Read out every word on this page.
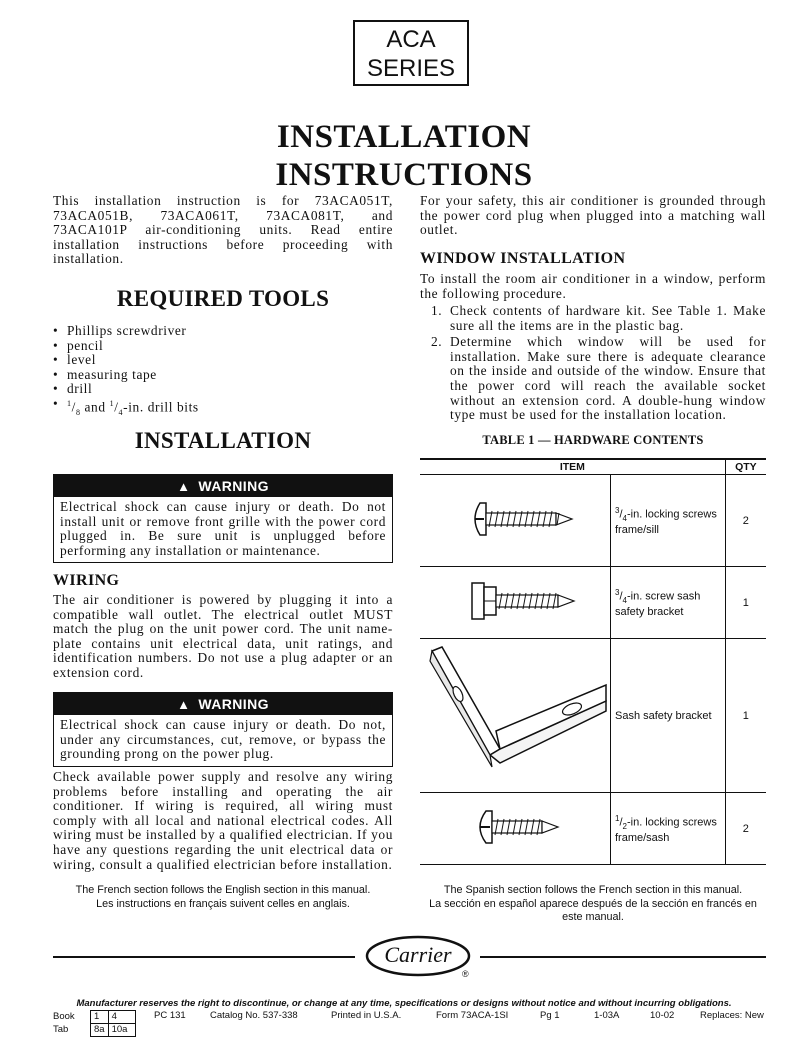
ACA
SERIES
INSTALLATION
INSTRUCTIONS

This installation instruction is for 73ACA051T, 73ACA051B, 73ACA061T, 73ACA081T, and 73ACA101P air-conditioning units. Read entire installation instructions before proceeding with installation.

REQUIRED TOOLS
• Phillips screwdriver
• pencil
• level
• measuring tape
• drill
• $^1/_8$ and $^1/_4-in$. drill bits
INSTALLATION
▲ WARNING
Electrical shock can cause injury or death. Do not install unit or remove front grille with the power cord plugged in. Be sure unit is unplugged before performing any installation or maintenance.
WIRING

The air conditioner is powered by plugging it into a compatible wall outlet. The electrical outlet MUST match the plug on the unit power cord. The unit name-plate contains unit electrical data, unit ratings, and identification numbers. Do not use a plug adapter or an extension cord.

▲ WARNING
Electrical shock can cause injury or death. Do not, under any circumstances, cut, remove, or bypass the grounding prong on the power plug.

Check available power supply and resolve any wiring problems before installing and operating the air conditioner. If wiring is required, all wiring must comply with all local and national electrical codes. All wiring must be installed by a qualified electrician. If you have any questions regarding the unit electrical data or wiring, consult a qualified electrician before installation.

For your safety, this air conditioner is grounded through the power cord plug when plugged into a matching wall outlet.

WINDOW INSTALLATION

To install the room air conditioner in a window, perform the following procedure.

1. Check contents of hardware kit. See Table 1. Make sure all the items are in the plastic bag.
2. Determine which window will be used for installation. Make sure there is adequate clearance on the inside and outside of the window. Ensure that the power cord will reach the available socket without an extension cord. A double-hung window type must be used for the installation location.
TABLE 1 — HARDWARE CONTENTS
ITEM		QTY
	$^3/_4-in$. locking screws frame/sill	2
	$^3/_4-in$. screw sash safety bracket	1
	Sash safety bracket	1
	$^1/_2-in$. locking screws frame/sash	2
The French section follows the English section in this manual.
Les instructions en français suivent celles en anglais.
The Spanish section follows the French section in this manual.
La sección en español aparece después de la sección en francés en este manual.
Carrier
®
Manufacturer reserves the right to discontinue, or change at any time, specifications or designs without notice and without incurring obligations.
Book	1	4
Tab	8a	10a
PC 131	Catalog No. 537-338	Printed in U.S.A.	Form 73ACA-1SI	Pg 1	1-03A	10-02	Replaces: New
